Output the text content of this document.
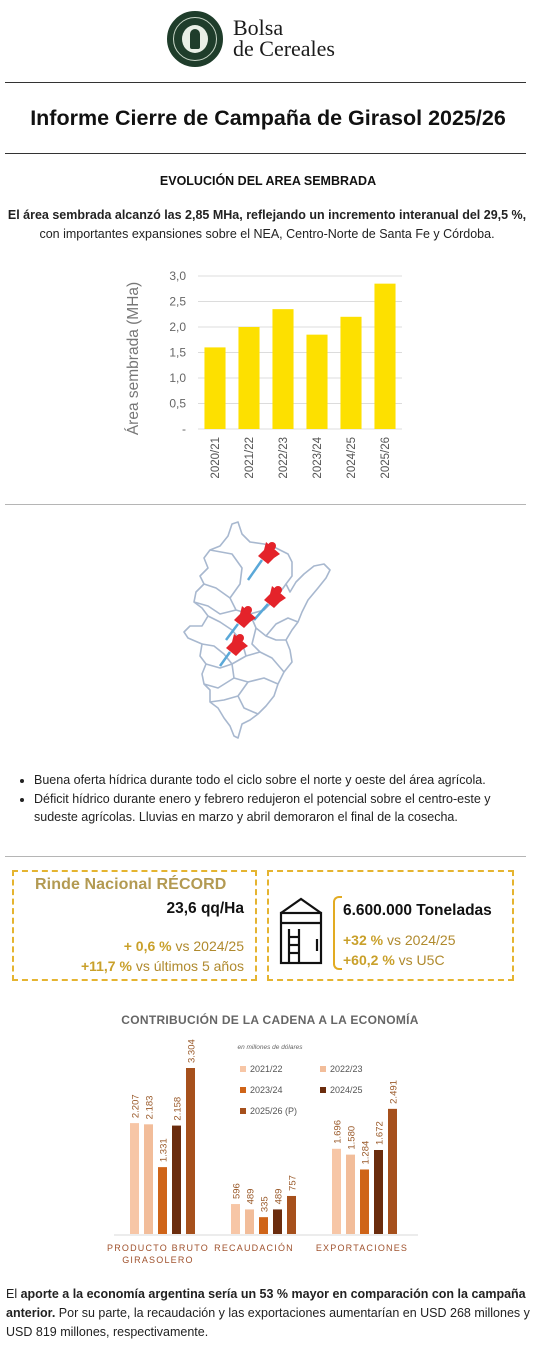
Bolsa
de Cereales
Informe Cierre de Campaña de Girasol 2025/26
EVOLUCIÓN DEL AREA SEMBRADA
El área sembrada alcanzó las 2,85 MHa, reflejando un incremento interanual del 29,5 %, con importantes expansiones sobre el NEA, Centro-Norte de Santa Fe y Córdoba.
-
0,5
1,0
1,5
2,0
2,5
3,0
Área sembrada (MHa)
2020/21 2021/22 2022/23 2023/24 2024/25 2025/26
• Buena oferta hídrica durante todo el ciclo sobre el norte y oeste del área agrícola.
• Déficit hídrico durante enero y febrero redujeron el potencial sobre el centro-este y sudeste agrícolas. Lluvias en marzo y abril demoraron el final de la cosecha.
Rinde Nacional RÉCORD
23,6 qq/Ha
+ 0,6 % vs 2024/25
+11,7 % vs últimos 5 años
6.600.000 Toneladas
+32 % vs 2024/25
+60,2 % vs U5C
CONTRIBUCIÓN DE LA CADENA A LA ECONOMÍA
en millones de dólares
2.207 2.183
1.331
2.158
3.304
596 489 335 489
757
1.696 1.580
1.284
1.672
2.491
PRODUCTO BRUTO GIRASOLERO
RECAUDACIÓN EXPORTACIONES
2021/22	2022/23
2023/24	2024/25
2025/26 (P)
El aporte a la economía argentina sería un 53 % mayor en comparación con la campaña anterior. Por su parte, la recaudación y las exportaciones aumentarían en USD 268 millones y USD 819 millones, respectivamente.
